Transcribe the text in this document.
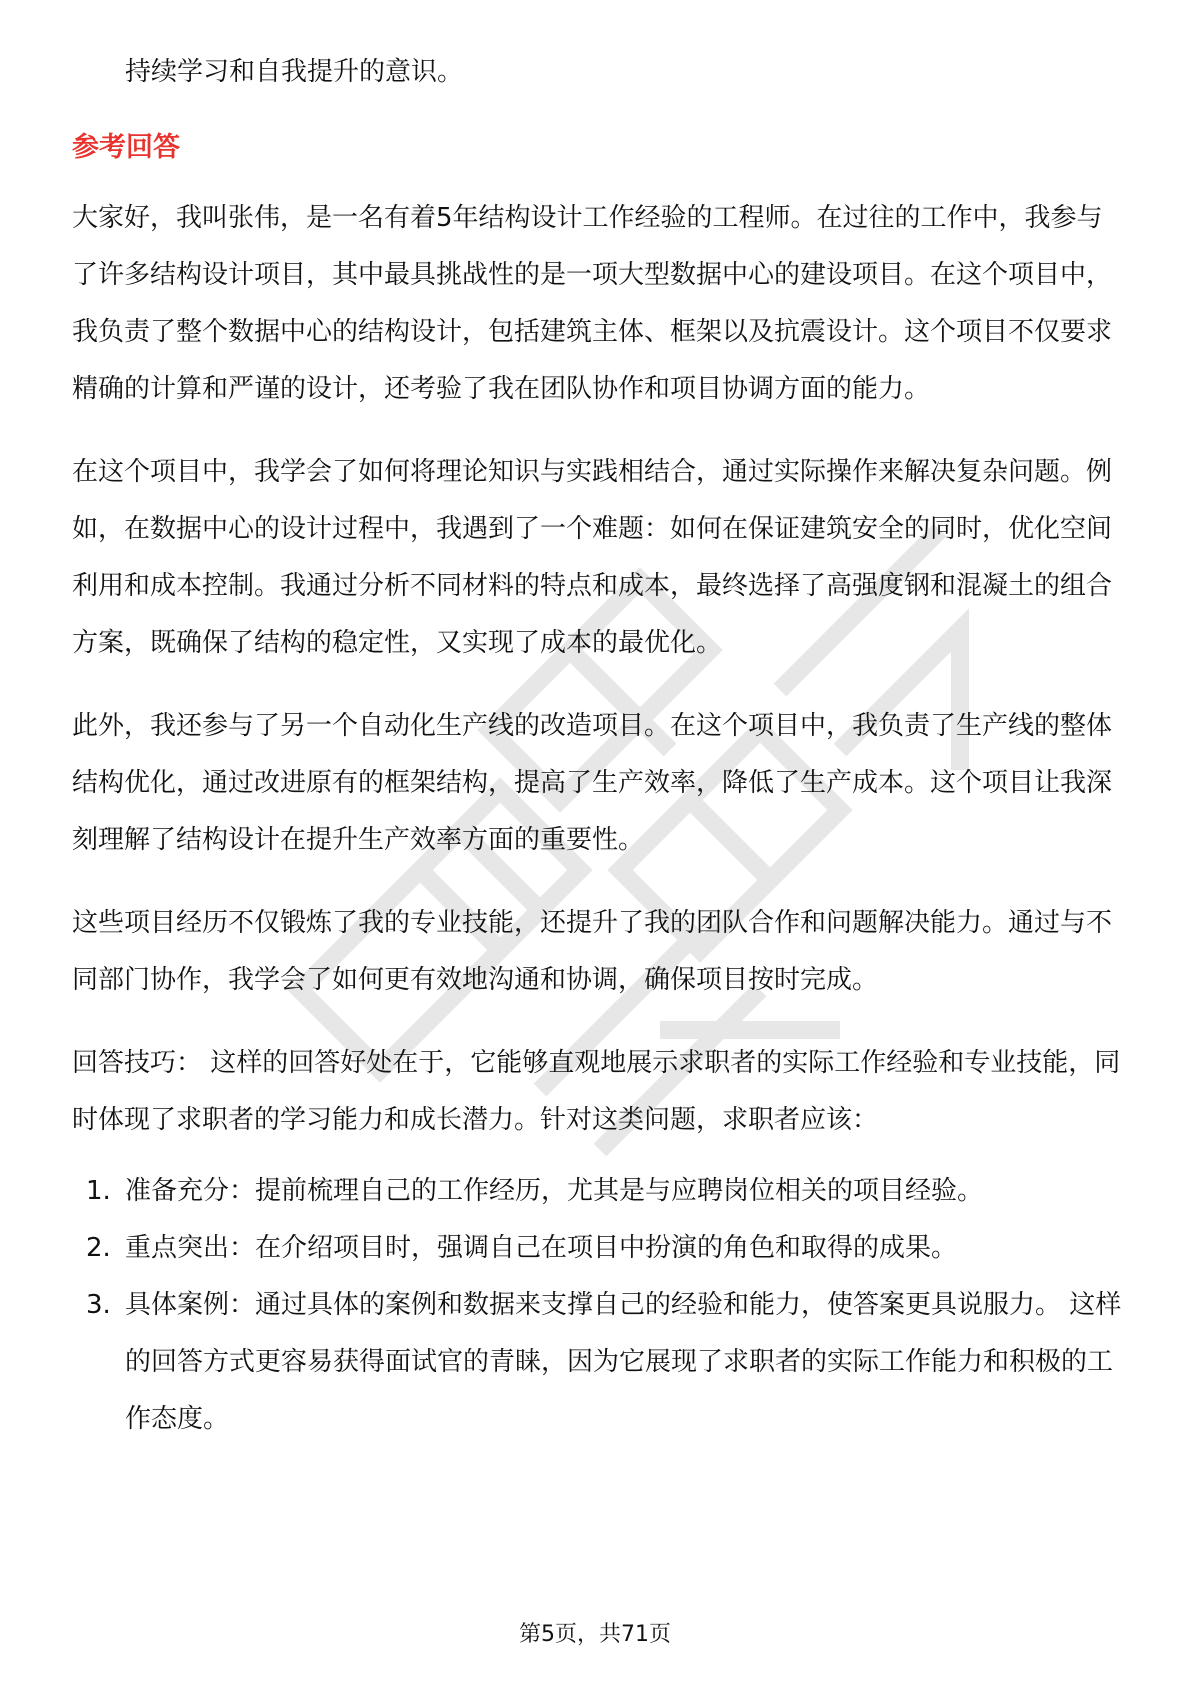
持续学习和自我提升的意识。

参考回答

大家好，我叫张伟，是一名有着5年结构设计工作经验的工程师。在过往的工作中，我参与了许多结构设计项目，其中最具挑战性的是一项大型数据中心的建设项目。在这个项目中，我负责了整个数据中心的结构设计，包括建筑主体、框架以及抗震设计。这个项目不仅要求精确的计算和严谨的设计，还考验了我在团队协作和项目协调方面的能力。

在这个项目中，我学会了如何将理论知识与实践相结合，通过实际操作来解决复杂问题。例如，在数据中心的设计过程中，我遇到了一个难题：如何在保证建筑安全的同时，优化空间利用和成本控制。我通过分析不同材料的特点和成本，最终选择了高强度钢和混凝土的组合方案，既确保了结构的稳定性，又实现了成本的最优化。

此外，我还参与了另一个自动化生产线的改造项目。在这个项目中，我负责了生产线的整体结构优化，通过改进原有的框架结构，提高了生产效率，降低了生产成本。这个项目让我深刻理解了结构设计在提升生产效率方面的重要性。

这些项目经历不仅锻炼了我的专业技能，还提升了我的团队合作和问题解决能力。通过与不同部门协作，我学会了如何更有效地沟通和协调，确保项目按时完成。

回答技巧： 这样的回答好处在于，它能够直观地展示求职者的实际工作经验和专业技能，同时体现了求职者的学习能力和成长潜力。针对这类问题，求职者应该：

1. 准备充分：提前梳理自己的工作经历，尤其是与应聘岗位相关的项目经验。
2. 重点突出：在介绍项目时，强调自己在项目中扮演的角色和取得的成果。
3. 具体案例：通过具体的案例和数据来支撑自己的经验和能力，使答案更具说服力。 这样的回答方式更容易获得面试官的青睐，因为它展现了求职者的实际工作能力和积极的工作态度。
第5页，共71页
